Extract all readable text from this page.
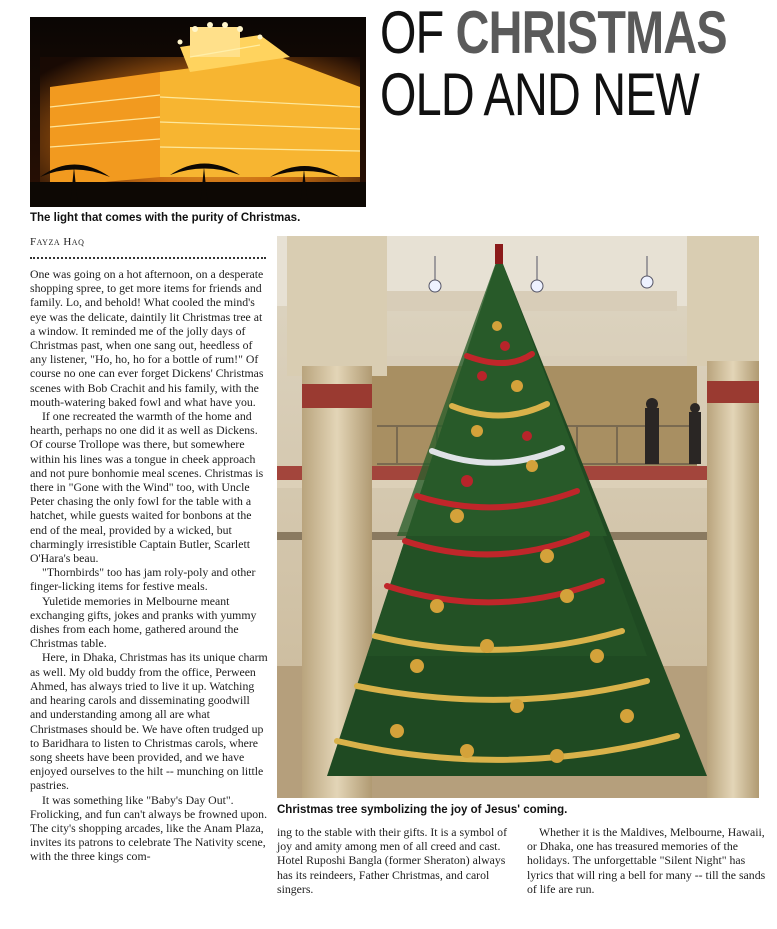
OF CHRISTMAS
OLD AND NEW
The light that comes with the purity of Christmas.
Fayza Haq

One was going on a hot afternoon, on a desperate shopping spree, to get more items for friends and family. Lo, and behold! What cooled the mind's eye was the delicate, daintily lit Christmas tree at a window. It reminded me of the jolly days of Christmas past, when one sang out, heedless of any listener, "Ho, ho, ho for a bottle of rum!" Of course no one can ever forget Dickens' Christmas scenes with Bob Crachit and his family, with the mouth-watering baked fowl and what have you.

If one recreated the warmth of the home and hearth, perhaps no one did it as well as Dickens. Of course Trollope was there, but somewhere within his lines was a tongue in cheek approach and not pure bonhomie meal scenes. Christmas is there in "Gone with the Wind" too, with Uncle Peter chasing the only fowl for the table with a hatchet, while guests waited for bonbons at the end of the meal, provided by a wicked, but charmingly irresistible Captain Butler, Scarlett O'Hara's beau.

"Thornbirds" too has jam roly-poly and other finger-licking items for festive meals.

Yuletide memories in Melbourne meant exchanging gifts, jokes and pranks with yummy dishes from each home, gathered around the Christmas table.

Here, in Dhaka, Christmas has its unique charm as well. My old buddy from the office, Perween Ahmed, has always tried to live it up. Watching and hearing carols and disseminating goodwill and understanding among all are what Christmases should be. We have often trudged up to Baridhara to listen to Christmas carols, where song sheets have been provided, and we have enjoyed ourselves to the hilt -- munching on little pastries.

It was something like "Baby's Day Out". Frolicking, and fun can't always be frowned upon. The city's shopping arcades, like the Anam Plaza, invites its patrons to celebrate The Nativity scene, with the three kings com-

Christmas tree symbolizing the joy of Jesus' coming.

ing to the stable with their gifts. It is a symbol of joy and amity among men of all creed and cast. Hotel Ruposhi Bangla (former Sheraton) always has its reindeers, Father Christmas, and carol singers.

Whether it is the Maldives, Melbourne, Hawaii, or Dhaka, one has treasured memories of the holidays. The unforgettable "Silent Night" has lyrics that will ring a bell for many -- till the sands of life are run.
